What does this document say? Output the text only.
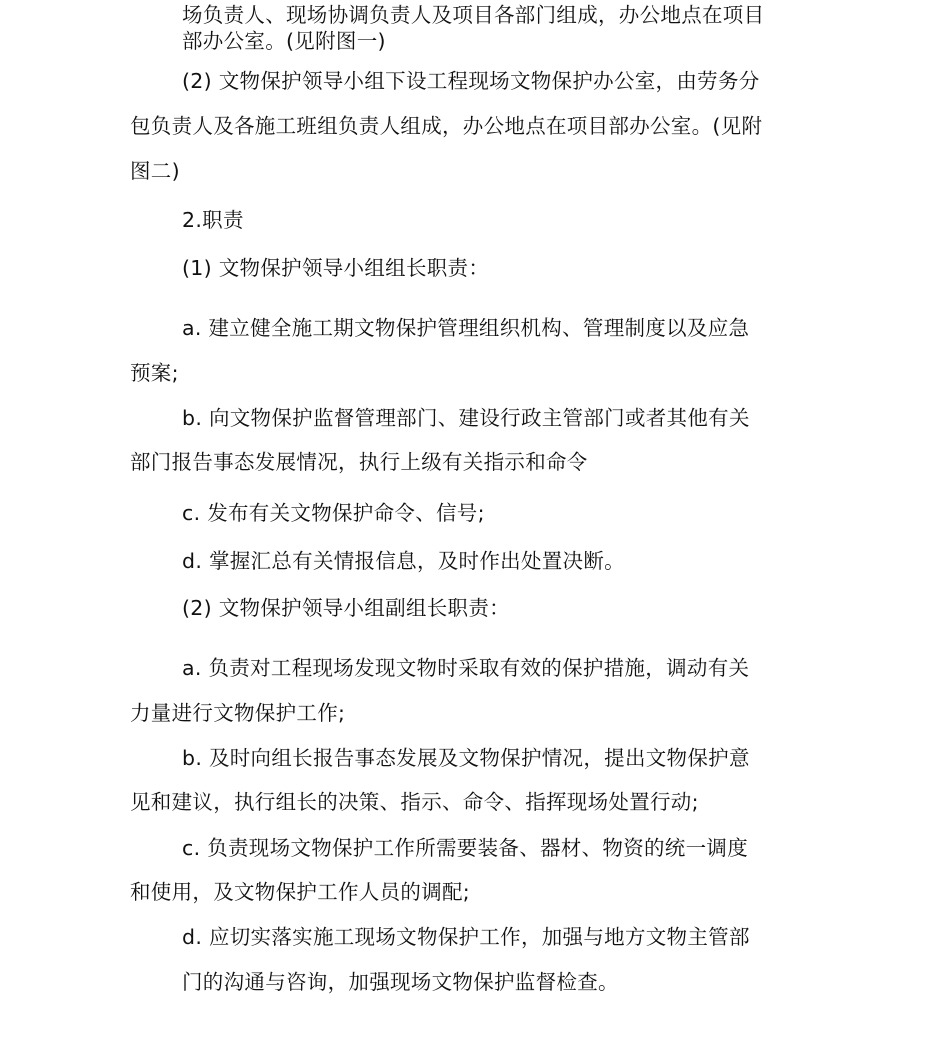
场负责人、现场协调负责人及项目各部门组成，办公地点在项目
部办公室。(见附图一)
(2) 文物保护领导小组下设工程现场文物保护办公室，由劳务分
包负责人及各施工班组负责人组成，办公地点在项目部办公室。(见附
图二)
2.职责
(1) 文物保护领导小组组长职责：
a. 建立健全施工期文物保护管理组织机构、管理制度以及应急
预案;
b. 向文物保护监督管理部门、建设行政主管部门或者其他有关
部门报告事态发展情况，执行上级有关指示和命令
c. 发布有关文物保护命令、信号;
d. 掌握汇总有关情报信息，及时作出处置决断。
(2) 文物保护领导小组副组长职责：
a. 负责对工程现场发现文物时采取有效的保护措施，调动有关
力量进行文物保护工作;
b. 及时向组长报告事态发展及文物保护情况，提出文物保护意
见和建议，执行组长的决策、指示、命令、指挥现场处置行动;
c. 负责现场文物保护工作所需要装备、器材、物资的统一调度
和使用，及文物保护工作人员的调配;
d. 应切实落实施工现场文物保护工作，加强与地方文物主管部
门的沟通与咨询，加强现场文物保护监督检查。
